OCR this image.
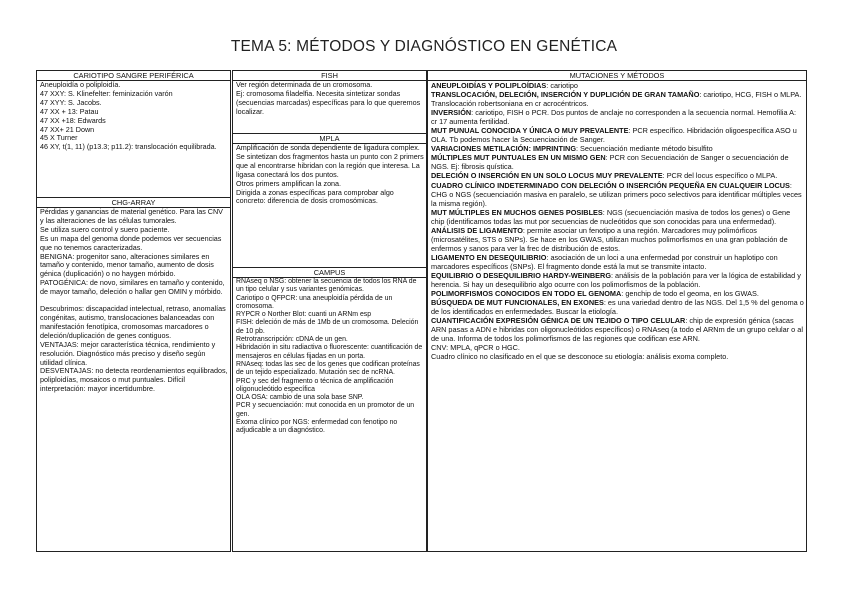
TEMA 5: MÉTODOS Y DIAGNÓSTICO EN GENÉTICA
CARIOTIPO SANGRE PERIFÉRICA

Aneuploidía o poliploidía.

47 XXY: S. Klinefelter: feminización varón

47 XYY: S. Jacobs.

47 XX + 13: Patau

47 XX +18: Edwards

47 XX+ 21 Down

45 X Turner

46 XY, t(1, 11) (p13.3; p11.2): translocación equilibrada.

CHG-ARRAY

Pérdidas y ganancias de material genético. Para las CNV y las alteraciones de las células tumorales.

Se utiliza suero control y suero paciente.

Es un mapa del genoma donde podemos ver secuencias que no tenemos caracterizadas.

BENIGNA: progenitor sano, alteraciones similares en tamaño y contenido, menor tamaño, aumento de dosis génica (duplicación) o no haygen mórbido.

PATOGÉNICA: de novo, similares en tamaño y contenido, de mayor tamaño, deleción o hallar gen OMIN y mórbido.

Descubrimos: discapacidad intelectual, retraso, anomalías congénitas, autismo, translocaciones balanceadas con manifestación fenotípica, cromosomas marcadores o deleción/duplicación de genes contiguos.

VENTAJAS: mejor característica técnica, rendimiento y resolución. Diagnóstico más preciso y diseño según utilidad clínica.

DESVENTAJAS: no detecta reordenamientos equilibrados, poliploidías, mosaicos o mut puntuales. Difícil interpretación: mayor incertidumbre.

FISH

Ver región determinada de un cromosoma.

Ej: cromosoma filadelfia. Necesita sintetizar sondas (secuencias marcadas) específicas para lo que queremos localizar.

MPLA

Amplificación de sonda dependiente de ligadura complex.

Se sintetizan dos fragmentos hasta un punto con 2 primers que al encontrarse hibridan con la región que interesa. La ligasa conectará los dos puntos.

Otros primers amplifican la zona.

Dirigida a zonas específicas para comprobar algo concreto: diferencia de dosis cromosómicas.

CAMPUS

RNAseq o NSG: obtener la secuencia de todos los RNA de un tipo celular y sus variantes genómicas.

Cariotipo o QFPCR: una aneuploidía pérdida de un cromosoma.

RYPCR o Norther Blot: cuanti un ARNm esp

FISH: deleción de más de 1Mb de un cromosoma. Deleción de 10 pb.

Retrotranscripción: cDNA de un gen.

Hibridación in situ radiactiva o fluorescente: cuantificación de mensajeros en células fijadas en un porta.

RNAseq: todas las sec de los genes que codifican proteínas de un tejido especializado. Mutación sec de ncRNA.

PRC y sec del fragmento o técnica de amplificación oligonucleótido específica

OLA OSA: cambio de una sola base SNP.

PCR y secuenciación: mut conocida en un promotor de un gen.

Exoma clínico por NGS: enfermedad con fenotipo no adjudicable a un diagnóstico.

MUTACIONES Y MÉTODOS

ANEUPLOIDÍAS Y POLIPLOÍDIAS: cariotipo

TRANSLOCACIÓN, DELECIÓN, INSERCIÓN Y DUPLICIÓN DE GRAN TAMAÑO: cariotipo, HCG, FISH o MLPA. Translocación robertsoniana en cr acrocéntricos.

INVERSIÓN: cariotipo, FISH o PCR. Dos puntos de anclaje no corresponden a la secuencia normal. Hemofilia A: cr 17 aumenta fertilidad.

MUT PUNUAL CONOCIDA Y ÚNICA O MUY PREVALENTE: PCR específico. Hibridación oligoespecífica ASO u OLA. Tb podemos hacer la Secuenciación de Sanger.

VARIACIONES METILACIÓN: IMPRINTING: Secuenciación mediante método bisulfito

MÚLTIPLES MUT PUNTUALES EN UN MISMO GEN: PCR con Secuenciación de Sanger o secuenciación de NGS. Ej: fibrosis quística.

DELECIÓN O INSERCIÓN EN UN SOLO LOCUS MUY PREVALENTE: PCR del locus específico o MLPA.

CUADRO CLÍNICO INDETERMINADO CON DELECIÓN O INSERCIÓN PEQUEÑA EN CUALQUEIR LOCUS: CHG o NGS (secuenciación masiva en paralelo, se utilizan primers poco selectivos para identificar múltiples veces la misma región).

MUT MÚLTIPLES EN MUCHOS GENES POSIBLES: NGS (secuenciación masiva de todos los genes) o Gene chip (identificamos todas las mut por secuencias de nucleótidos que son conocidas para una enfermedad).

ANÁLISIS DE LIGAMENTO: permite asociar un fenotipo a una región. Marcadores muy polimórficos (microsatélites, STS o SNPs). Se hace en los GWAS, utilizan muchos polimorfismos en una gran población de enfermos y sanos para ver la frec de distribución de estos.

LIGAMENTO EN DESEQUILIBRIO: asociación de un loci a una enfermedad por construir un haplotipo con marcadores específicos (SNPs). El fragmento donde está la mut se transmite intacto.

EQUILIBRIO O DESEQUILIBRIO HARDY-WEINBERG: análisis de la población para ver la lógica de estabilidad y herencia. Si hay un desequilibrio algo ocurre con los polimorfismos de la población.

POLIMORFISMOS CONOCIDOS EN TODO EL GENOMA: genchip de todo el geoma, en los GWAS.

BÚSQUEDA DE MUT FUNCIONALES, EN EXONES: es una variedad dentro de las NGS. Del 1,5 % del genoma o de los identificados en enfermedades. Buscar la etiología.

CUANTIFICACIÓN EXPRESIÓN GÉNICA DE UN TEJIDO O TIPO CELULAR: chip de expresión génica (sacas ARN pasas a ADN e hibridas con oligonucleótidos específicos) o RNAseq (a todo el ARNm de un grupo celular o al de una. Informa de todos los polimorfismos de las regiones que codifican ese ARN.

CNV: MPLA, qPCR o HGC.

Cuadro clínico no clasificado en el que se desconoce su etiología: análisis exoma completo.
